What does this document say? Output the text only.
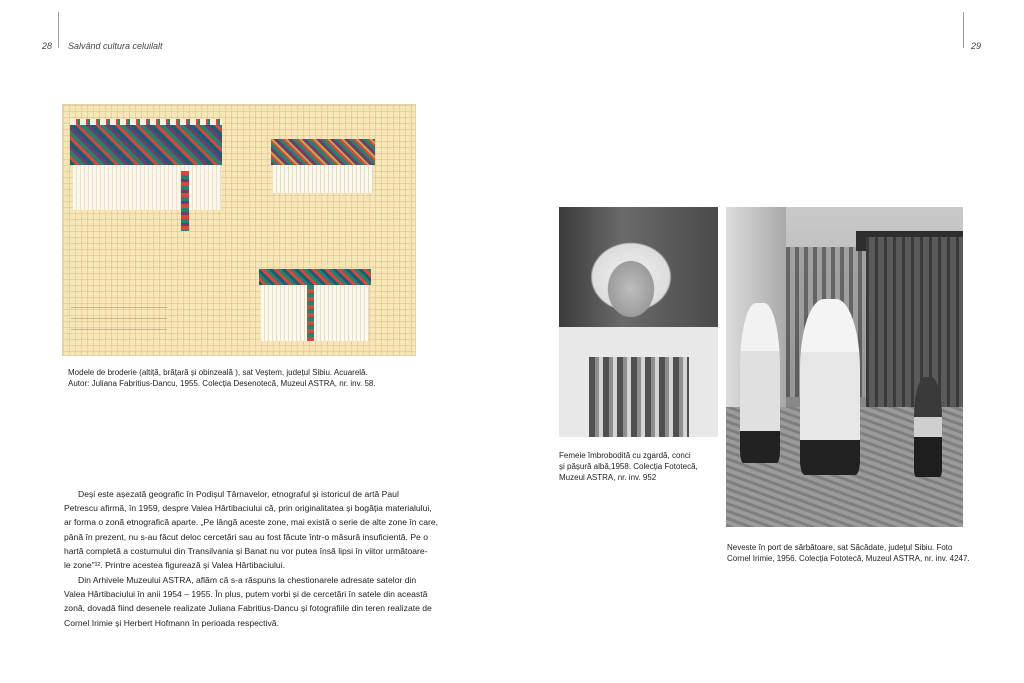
28 Salvând cultura celuilalt	29
Modele de broderie (altiță, brățară și obinzeală ), sat Veștem, județul Sibiu. Acuarelă.
Autor: Juliana Fabritius-Dancu, 1955. Colecția Desenotecă, Muzeul ASTRA, nr. inv. 58.
Deși este așezată geografic în Podișul Târnavelor, etnograful și istoricul de artă Paul
Petrescu afirmă, în 1959, despre Valea Hârtibaciului că, prin originalitatea și bogăția materialului,
ar forma o zonă etnografică aparte. „Pe lângă aceste zone, mai există o serie de alte zone în care,
până în prezent, nu s-au făcut deloc cercetări sau au fost făcute într-o măsură insuficientă. Pe o
hartă completă a costumului din Transilvania și Banat nu vor putea însă lipsi în viitor următoare-
le zone”¹². Printre acestea figurează și Valea Hârtibaciului.
Din Arhivele Muzeului ASTRA, aflăm că s-a răspuns la chestionarele adresate satelor din
Valea Hârtibaciului în anii 1954 – 1955. În plus, putem vorbi și de cercetări în satele din această
zonă, dovadă fiind desenele realizate Juliana Fabritius-Dancu și fotografiile din teren realizate de
Cornel Irimie și Herbert Hofmann în perioada respectivă.
Femeie îmbrobodită cu zgardă, conci
și pășură albă,1958. Colecția Fototecă,
Muzeul ASTRA, nr. inv. 952
Neveste în port de sărbătoare, sat Săcădate, județul Sibiu. Foto
Cornel Irimie, 1956. Colecția Fototecă, Muzeul ASTRA, nr. inv. 4247.
